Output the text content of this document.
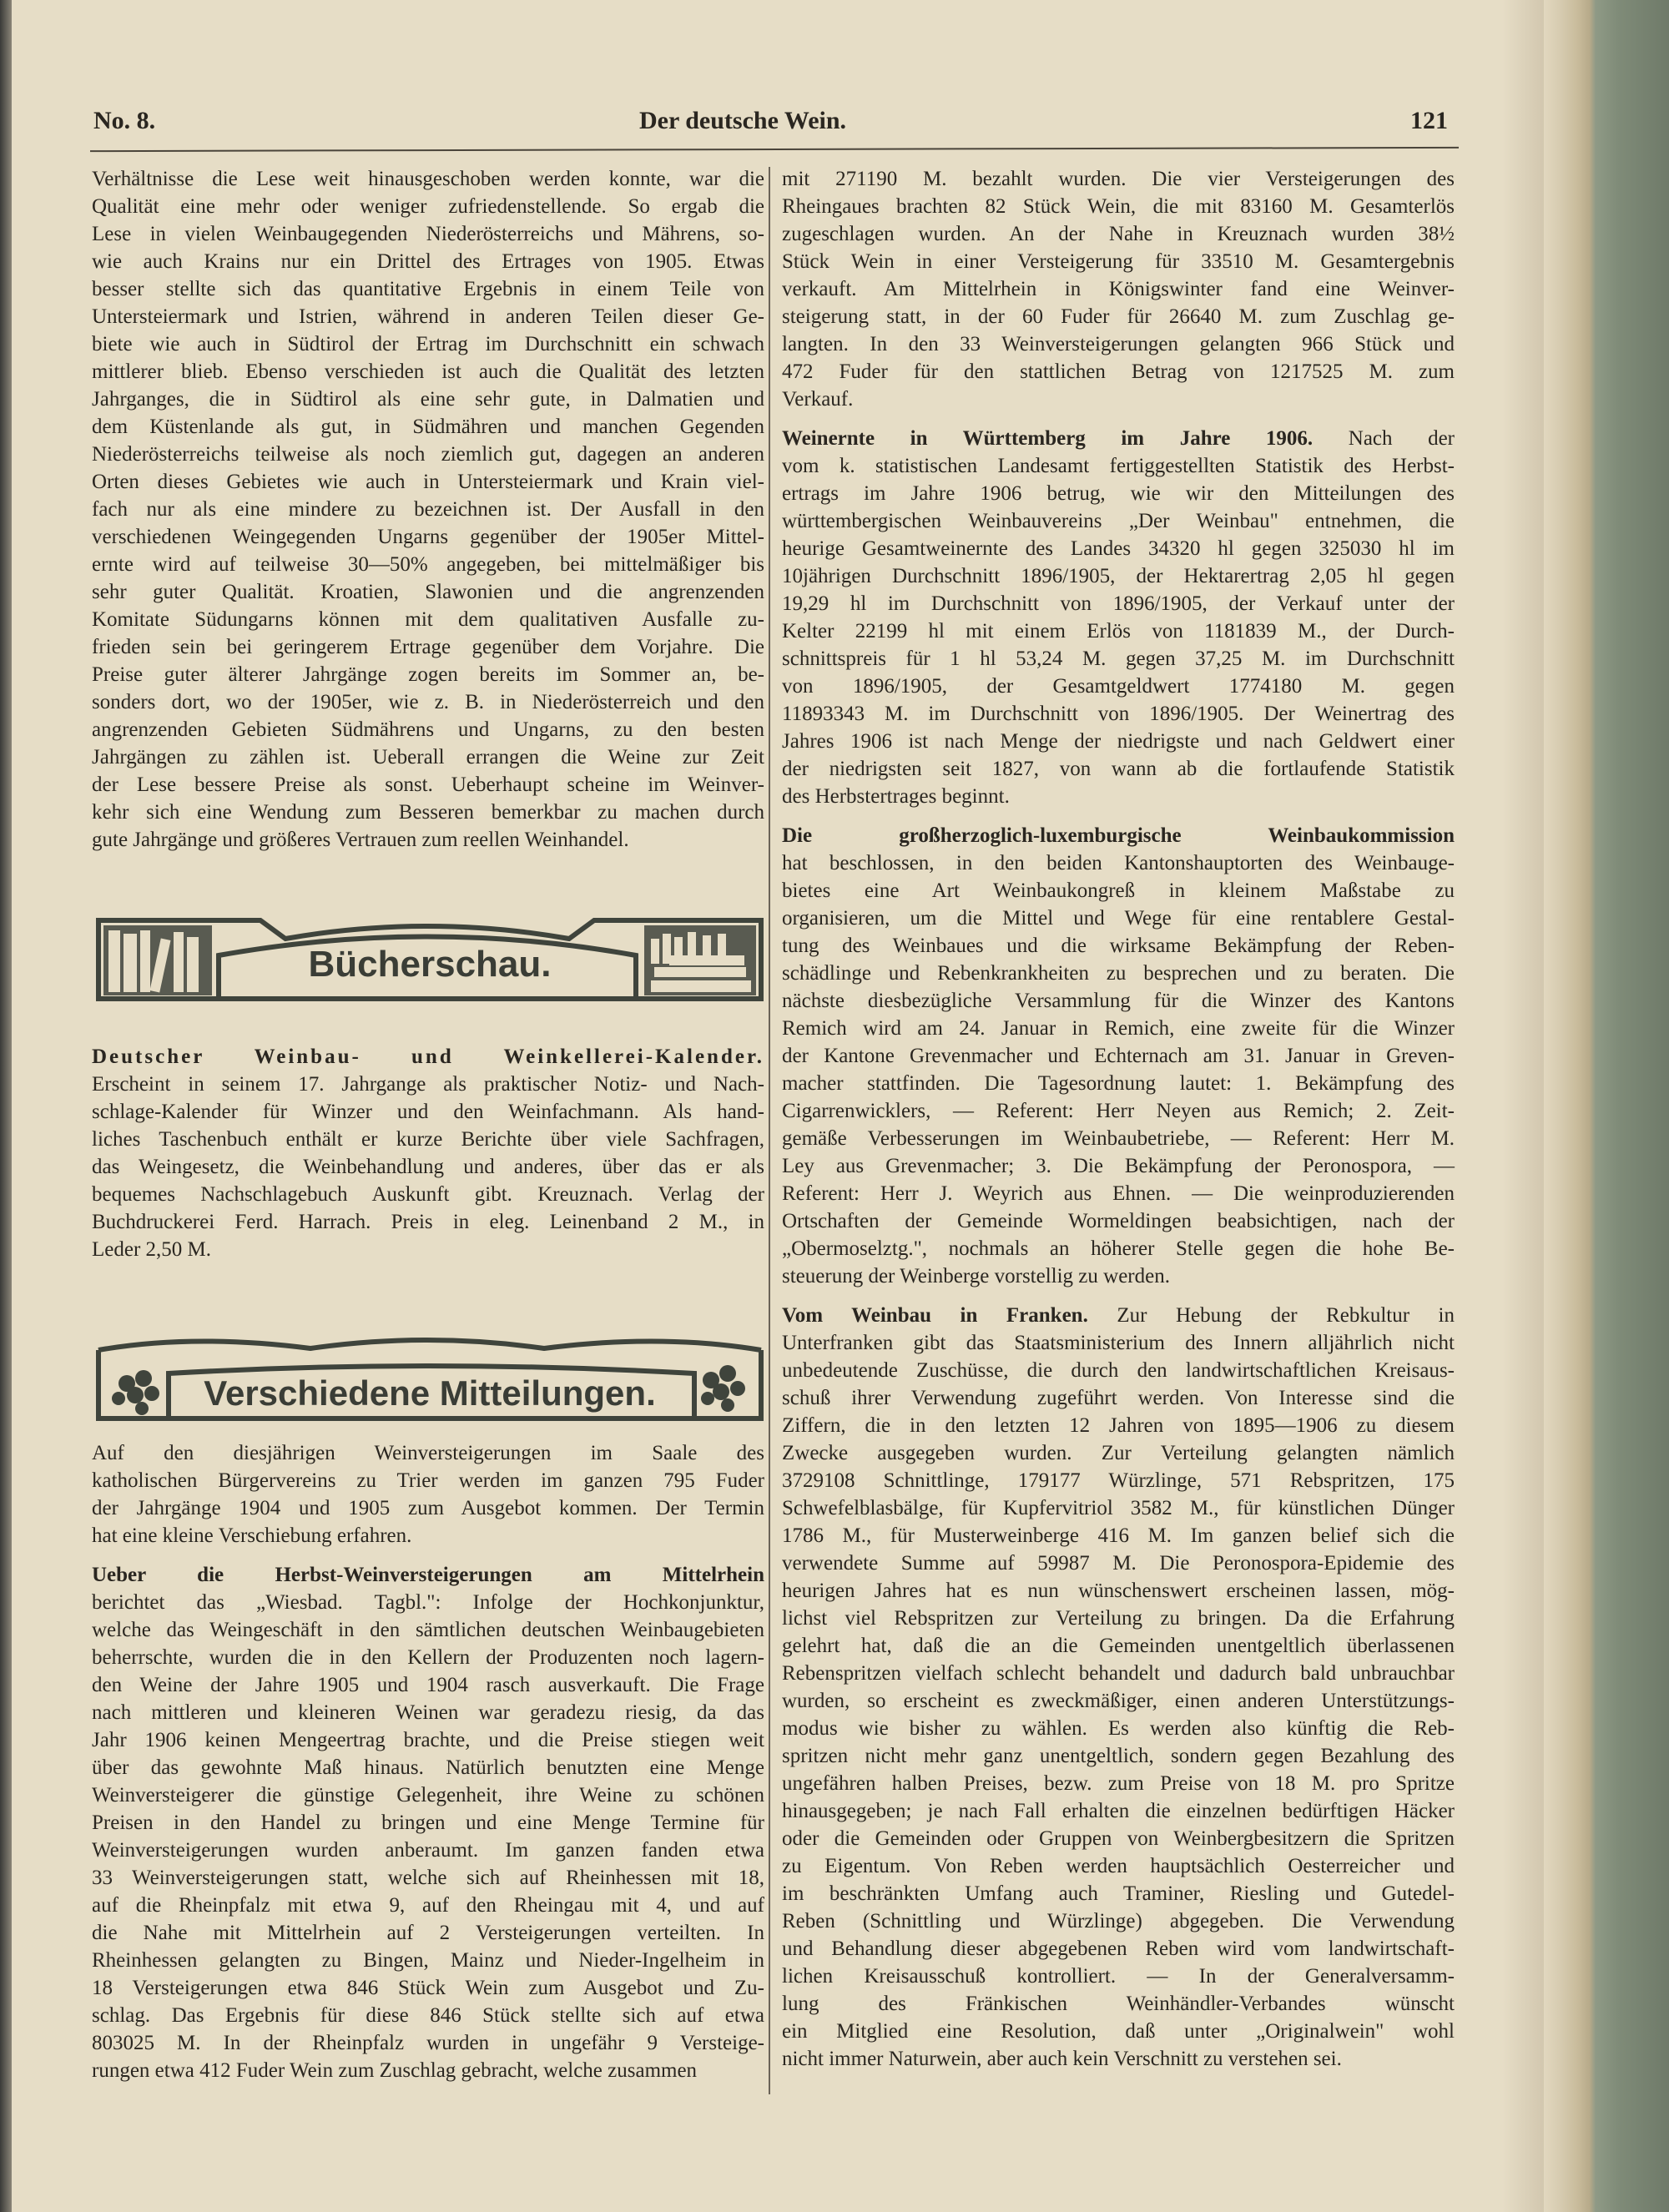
No. 8.	Der deutsche Wein.	121
Verhältnisse die Lese weit hinausgeschoben werden konnte, war die
Qualität eine mehr oder weniger zufriedenstellende. So ergab die
Lese in vielen Weinbaugegenden Niederösterreichs und Mährens, so-
wie auch Krains nur ein Drittel des Ertrages von 1905. Etwas
besser stellte sich das quantitative Ergebnis in einem Teile von
Untersteiermark und Istrien, während in anderen Teilen dieser Ge-
biete wie auch in Südtirol der Ertrag im Durchschnitt ein schwach
mittlerer blieb. Ebenso verschieden ist auch die Qualität des letzten
Jahrganges, die in Südtirol als eine sehr gute, in Dalmatien und
dem Küstenlande als gut, in Südmähren und manchen Gegenden
Niederösterreichs teilweise als noch ziemlich gut, dagegen an anderen
Orten dieses Gebietes wie auch in Untersteiermark und Krain viel-
fach nur als eine mindere zu bezeichnen ist. Der Ausfall in den
verschiedenen Weingegenden Ungarns gegenüber der 1905er Mittel-
ernte wird auf teilweise 30—50% angegeben, bei mittelmäßiger bis
sehr guter Qualität. Kroatien, Slawonien und die angrenzenden
Komitate Südungarns können mit dem qualitativen Ausfalle zu-
frieden sein bei geringerem Ertrage gegenüber dem Vorjahre. Die
Preise guter älterer Jahrgänge zogen bereits im Sommer an, be-
sonders dort, wo der 1905er, wie z. B. in Niederösterreich und den
angrenzenden Gebieten Südmährens und Ungarns, zu den besten
Jahrgängen zu zählen ist. Ueberall errangen die Weine zur Zeit
der Lese bessere Preise als sonst. Ueberhaupt scheine im Weinver-
kehr sich eine Wendung zum Besseren bemerkbar zu machen durch
gute Jahrgänge und größeres Vertrauen zum reellen Weinhandel.
Bücherschau.
Deutscher Weinbau- und Weinkellerei-Kalender.
Erscheint in seinem 17. Jahrgange als praktischer Notiz- und Nach-
schlage-Kalender für Winzer und den Weinfachmann. Als hand-
liches Taschenbuch enthält er kurze Berichte über viele Sachfragen,
das Weingesetz, die Weinbehandlung und anderes, über das er als
bequemes Nachschlagebuch Auskunft gibt. Kreuznach. Verlag der
Buchdruckerei Ferd. Harrach. Preis in eleg. Leinenband 2 M., in
Leder 2,50 M.
Verschiedene Mitteilungen.
Auf den diesjährigen Weinversteigerungen im Saale des
katholischen Bürgervereins zu Trier werden im ganzen 795 Fuder
der Jahrgänge 1904 und 1905 zum Ausgebot kommen. Der Termin
hat eine kleine Verschiebung erfahren.
Ueber die Herbst-Weinversteigerungen am Mittelrhein
berichtet das „Wiesbad. Tagbl.": Infolge der Hochkonjunktur,
welche das Weingeschäft in den sämtlichen deutschen Weinbaugebieten
beherrschte, wurden die in den Kellern der Produzenten noch lagern-
den Weine der Jahre 1905 und 1904 rasch ausverkauft. Die Frage
nach mittleren und kleineren Weinen war geradezu riesig, da das
Jahr 1906 keinen Mengeertrag brachte, und die Preise stiegen weit
über das gewohnte Maß hinaus. Natürlich benutzten eine Menge
Weinversteigerer die günstige Gelegenheit, ihre Weine zu schönen
Preisen in den Handel zu bringen und eine Menge Termine für
Weinversteigerungen wurden anberaumt. Im ganzen fanden etwa
33 Weinversteigerungen statt, welche sich auf Rheinhessen mit 18,
auf die Rheinpfalz mit etwa 9, auf den Rheingau mit 4, und auf
die Nahe mit Mittelrhein auf 2 Versteigerungen verteilten. In
Rheinhessen gelangten zu Bingen, Mainz und Nieder-Ingelheim in
18 Versteigerungen etwa 846 Stück Wein zum Ausgebot und Zu-
schlag. Das Ergebnis für diese 846 Stück stellte sich auf etwa
803025 M. In der Rheinpfalz wurden in ungefähr 9 Versteige-
rungen etwa 412 Fuder Wein zum Zuschlag gebracht, welche zusammen
mit 271190 M. bezahlt wurden. Die vier Versteigerungen des
Rheingaues brachten 82 Stück Wein, die mit 83160 M. Gesamterlös
zugeschlagen wurden. An der Nahe in Kreuznach wurden 38½
Stück Wein in einer Versteigerung für 33510 M. Gesamtergebnis
verkauft. Am Mittelrhein in Königswinter fand eine Weinver-
steigerung statt, in der 60 Fuder für 26640 M. zum Zuschlag ge-
langten. In den 33 Weinversteigerungen gelangten 966 Stück und
472 Fuder für den stattlichen Betrag von 1217525 M. zum
Verkauf.
Weinernte in Württemberg im Jahre 1906. Nach der
vom k. statistischen Landesamt fertiggestellten Statistik des Herbst-
ertrags im Jahre 1906 betrug, wie wir den Mitteilungen des
württembergischen Weinbauvereins „Der Weinbau" entnehmen, die
heurige Gesamtweinernte des Landes 34320 hl gegen 325030 hl im
10jährigen Durchschnitt 1896/1905, der Hektarertrag 2,05 hl gegen
19,29 hl im Durchschnitt von 1896/1905, der Verkauf unter der
Kelter 22199 hl mit einem Erlös von 1181839 M., der Durch-
schnittspreis für 1 hl 53,24 M. gegen 37,25 M. im Durchschnitt
von 1896/1905, der Gesamtgeldwert 1774180 M. gegen
11893343 M. im Durchschnitt von 1896/1905. Der Weinertrag des
Jahres 1906 ist nach Menge der niedrigste und nach Geldwert einer
der niedrigsten seit 1827, von wann ab die fortlaufende Statistik
des Herbstertrages beginnt.
Die großherzoglich-luxemburgische Weinbaukommission
hat beschlossen, in den beiden Kantonshauptorten des Weinbauge-
bietes eine Art Weinbaukongreß in kleinem Maßstabe zu
organisieren, um die Mittel und Wege für eine rentablere Gestal-
tung des Weinbaues und die wirksame Bekämpfung der Reben-
schädlinge und Rebenkrankheiten zu besprechen und zu beraten. Die
nächste diesbezügliche Versammlung für die Winzer des Kantons
Remich wird am 24. Januar in Remich, eine zweite für die Winzer
der Kantone Grevenmacher und Echternach am 31. Januar in Greven-
macher stattfinden. Die Tagesordnung lautet: 1. Bekämpfung des
Cigarrenwicklers, — Referent: Herr Neyen aus Remich; 2. Zeit-
gemäße Verbesserungen im Weinbaubetriebe, — Referent: Herr M.
Ley aus Grevenmacher; 3. Die Bekämpfung der Peronospora, —
Referent: Herr J. Weyrich aus Ehnen. — Die weinproduzierenden
Ortschaften der Gemeinde Wormeldingen beabsichtigen, nach der
„Obermoselztg.", nochmals an höherer Stelle gegen die hohe Be-
steuerung der Weinberge vorstellig zu werden.
Vom Weinbau in Franken. Zur Hebung der Rebkultur in
Unterfranken gibt das Staatsministerium des Innern alljährlich nicht
unbedeutende Zuschüsse, die durch den landwirtschaftlichen Kreisaus-
schuß ihrer Verwendung zugeführt werden. Von Interesse sind die
Ziffern, die in den letzten 12 Jahren von 1895—1906 zu diesem
Zwecke ausgegeben wurden. Zur Verteilung gelangten nämlich
3729108 Schnittlinge, 179177 Würzlinge, 571 Rebspritzen, 175
Schwefelblasbälge, für Kupfervitriol 3582 M., für künstlichen Dünger
1786 M., für Musterweinberge 416 M. Im ganzen belief sich die
verwendete Summe auf 59987 M. Die Peronospora-Epidemie des
heurigen Jahres hat es nun wünschenswert erscheinen lassen, mög-
lichst viel Rebspritzen zur Verteilung zu bringen. Da die Erfahrung
gelehrt hat, daß die an die Gemeinden unentgeltlich überlassenen
Rebenspritzen vielfach schlecht behandelt und dadurch bald unbrauchbar
wurden, so erscheint es zweckmäßiger, einen anderen Unterstützungs-
modus wie bisher zu wählen. Es werden also künftig die Reb-
spritzen nicht mehr ganz unentgeltlich, sondern gegen Bezahlung des
ungefähren halben Preises, bezw. zum Preise von 18 M. pro Spritze
hinausgegeben; je nach Fall erhalten die einzelnen bedürftigen Häcker
oder die Gemeinden oder Gruppen von Weinbergbesitzern die Spritzen
zu Eigentum. Von Reben werden hauptsächlich Oesterreicher und
im beschränkten Umfang auch Traminer, Riesling und Gutedel-
Reben (Schnittling und Würzlinge) abgegeben. Die Verwendung
und Behandlung dieser abgegebenen Reben wird vom landwirtschaft-
lichen Kreisausschuß kontrolliert. — In der Generalversamm-
lung des Fränkischen Weinhändler-Verbandes wünscht
ein Mitglied eine Resolution, daß unter „Originalwein" wohl
nicht immer Naturwein, aber auch kein Verschnitt zu verstehen sei.
